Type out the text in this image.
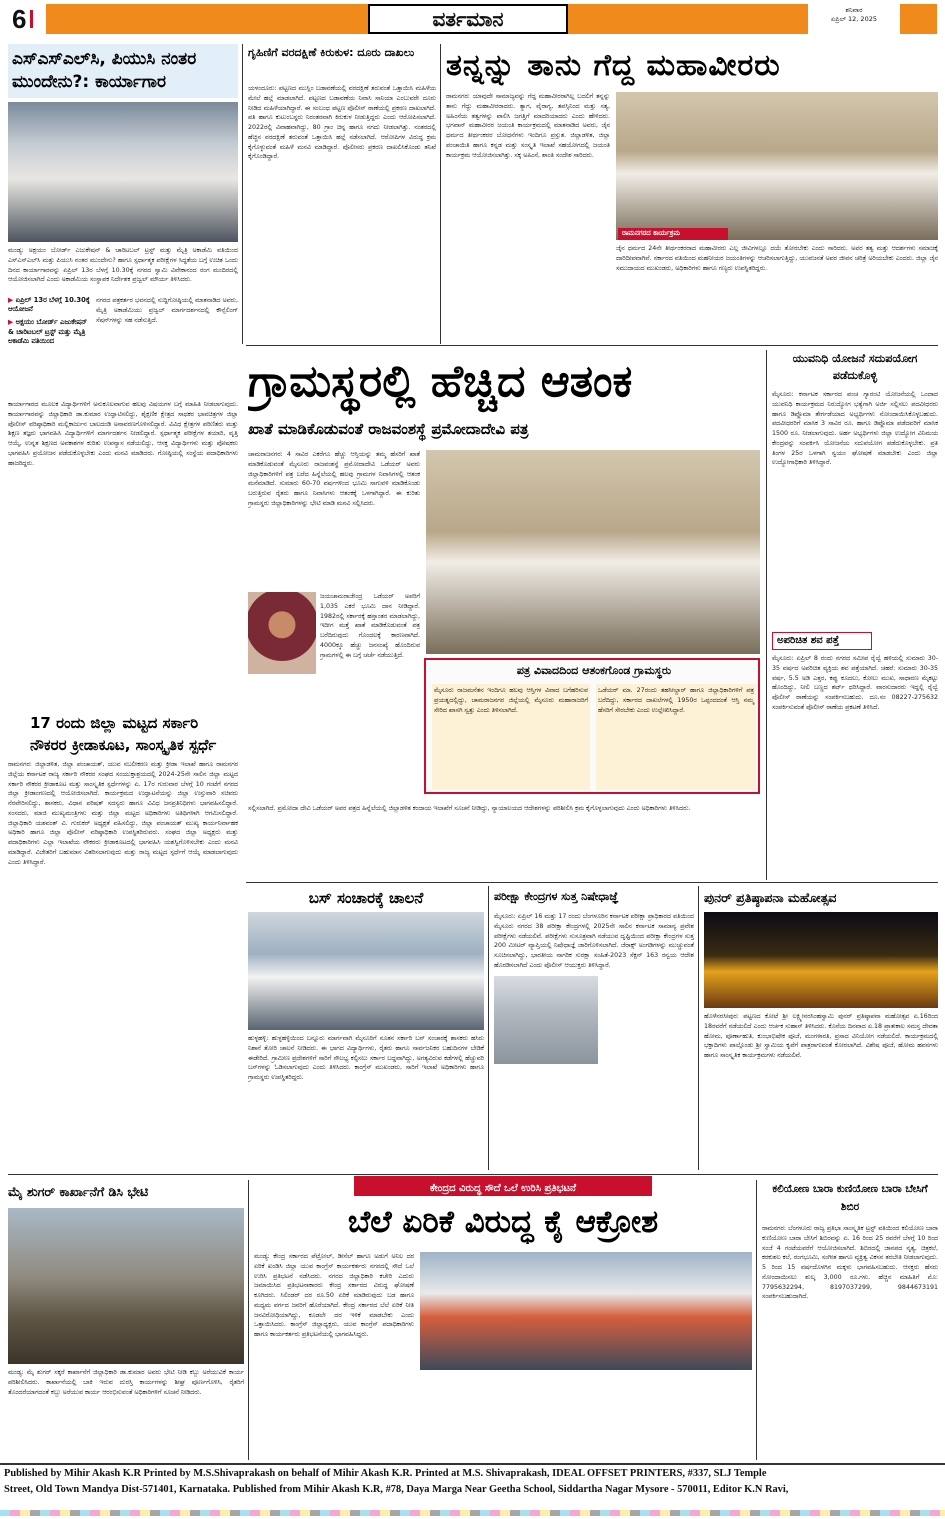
6	ವರ್ತಮಾನ	ಶನಿವಾರ
ಏಪ್ರಿಲ್ 12, 2025
ಎಸ್‌ಎಸ್‌ಎಲ್‌ಸಿ, ಪಿಯುಸಿ ನಂತರ ಮುಂದೇನು?: ಕಾರ್ಯಾಗಾರ
ಮಂಡ್ಯ: ಅಕ್ಷಯಂ ಬೋರ್ಡ್ ಎಜುಕೇಷನ್ & ಚಾರಿಟಬಲ್ ಟ್ರಸ್ಟ್ ಮತ್ತು ಮೈತ್ರಿ ಅಕಾಡೆಮಿ ವತಿಯಿಂದ ಎಸ್‌ಎಸ್‌ಎಲ್‌ಸಿ ಮತ್ತು ಪಿಯುಸಿ ನಂತರ ಮುಂದೇನು? ಹಾಗೂ ಸ್ಪರ್ಧಾತ್ಮಕ ಪರೀಕ್ಷೆಗಳ ಸಿದ್ಧತೆಯ ಬಗ್ಗೆ ಉಚಿತ ಒಂದು ದಿನದ ಕಾರ್ಯಾಗಾರವನ್ನು ಏಪ್ರಿಲ್ 13ರ ಬೆಳಗ್ಗೆ 10.30ಕ್ಕೆ ನಗರದ ಸ್ವಾಮಿ ವಿವೇಕಾನಂದ ರಂಗ ಮಂದಿರದಲ್ಲಿ ಆಯೋಜಿಸಲಾಗಿದೆ ಎಂದು ಅಕಾಡೆಮಿಯ ಸಂಸ್ಥಾಪಕ ನಿರ್ದೇಶಕ ಪ್ರಜ್ವಲ್ ಮೌರ್ಯ ತಿಳಿಸಿದರು.
▶ ಏಪ್ರಿಲ್ 13ರ ಬೆಳಗ್ಗೆ 10.30ಕ್ಕೆ ಆಯೋಜನೆ
▶ ಅಕ್ಷಯಂ ಬೋರ್ಡ್ ಎಜುಕೇಷನ್ & ಚಾರಿಟಬಲ್ ಟ್ರಸ್ಟ್ ಮತ್ತು ಮೈತ್ರಿ ಅಕಾಡೆಮಿ ವತಿಯಿಂದ
ನಗರದ ಪತ್ರಕರ್ತರ ಭವನದಲ್ಲಿ ಸುದ್ದಿಗೋಷ್ಠಿಯಲ್ಲಿ ಮಾತನಾಡಿದ ಅವರು, ಮೈತ್ರಿ ಅಕಾಡೆಮಿಯು ಪ್ರಜ್ವಲ್ ಮಾರ್ಗದರ್ಶನದಲ್ಲಿ ಕೌನ್ಸೆಲಿಂಗ್ ಸೆಷನ್‌ಗಳನ್ನು ಸಹ ನಡೆಸುತ್ತಿದೆ.
ಕಾರ್ಯಾಗಾರದ ಮೂಲಕ ವಿದ್ಯಾರ್ಥಿಗಳಿಗೆ ಅನುಕೂಲವಾಗುವ ಹಲವು ವಿಷಯಗಳ ಬಗ್ಗೆ ಮಾಹಿತಿ ನೀಡಲಾಗುವುದು. ಕಾರ್ಯಾಗಾರವನ್ನು ಜಿಲ್ಲಾಧಿಕಾರಿ ಡಾ.ಕುಮಾರ ಉದ್ಘಾಟಿಸಲಿದ್ದು, ಶೈಕ್ಷಣಿಕ ಕ್ಷೇತ್ರದ ಸಾಧಕರ ಭಾವಚಿತ್ರಗಳ ಜಿಲ್ಲಾ ಪೊಲೀಸ್ ವರಿಷ್ಠಾಧಿಕಾರಿ ಮಲ್ಲಿಕಾರ್ಜುನ ಬಾಲದಂಡಿ ಅನಾವರಣಗೊಳಿಸಲಿದ್ದಾರೆ. ವಿವಿಧ ಕ್ಷೇತ್ರಗಳ ಪರಿಣಿತರು ಮತ್ತು ಶಿಕ್ಷಣ ತಜ್ಞರು ಭಾಗವಹಿಸಿ ವಿದ್ಯಾರ್ಥಿಗಳಿಗೆ ಮಾರ್ಗದರ್ಶನ ನೀಡಲಿದ್ದಾರೆ. ಸ್ಪರ್ಧಾತ್ಮಕ ಪರೀಕ್ಷೆಗಳ ತಯಾರಿ, ವೃತ್ತಿ ಆಯ್ಕೆ, ಉನ್ನತ ಶಿಕ್ಷಣದ ಅವಕಾಶಗಳ ಕುರಿತು ಉಪನ್ಯಾಸ ನಡೆಯಲಿದ್ದು, ಆಸಕ್ತ ವಿದ್ಯಾರ್ಥಿಗಳು ಮತ್ತು ಪೋಷಕರು ಭಾಗವಹಿಸಿ ಪ್ರಯೋಜನ ಪಡೆದುಕೊಳ್ಳಬೇಕು ಎಂದು ಮನವಿ ಮಾಡಿದರು. ಗೋಷ್ಠಿಯಲ್ಲಿ ಸಂಸ್ಥೆಯ ಪದಾಧಿಕಾರಿಗಳು ಹಾಜರಿದ್ದರು.
17 ರಂದು ಜಿಲ್ಲಾ ಮಟ್ಟದ ಸರ್ಕಾರಿ ನೌಕರರ ಕ್ರೀಡಾಕೂಟ, ಸಾಂಸ್ಕೃತಿಕ ಸ್ಪರ್ಧೆ
ರಾಮನಗರ: ಜಿಲ್ಲಾಡಳಿತ, ಜಿಲ್ಲಾ ಪಂಚಾಯತ್, ಯುವ ಸಬಲೀಕರಣ ಮತ್ತು ಕ್ರೀಡಾ ಇಲಾಖೆ ಹಾಗೂ ರಾಮನಗರ ಜಿಲ್ಲೆಯ ಕರ್ನಾಟಕ ರಾಜ್ಯ ಸರ್ಕಾರಿ ನೌಕರರ ಸಂಘದ ಸಂಯುಕ್ತಾಶ್ರಯದಲ್ಲಿ 2024-25ನೇ ಸಾಲಿನ ಜಿಲ್ಲಾ ಮಟ್ಟದ ಸರ್ಕಾರಿ ನೌಕರರ ಕ್ರೀಡಾಕೂಟ ಮತ್ತು ಸಾಂಸ್ಕೃತಿಕ ಸ್ಪರ್ಧೆಗಳನ್ನು ಏ. 17ರ ಗುರುವಾರ ಬೆಳಗ್ಗೆ 10 ಗಂಟೆಗೆ ನಗರದ ಜಿಲ್ಲಾ ಕ್ರೀಡಾಂಗಣದಲ್ಲಿ ಆಯೋಜಿಸಲಾಗಿದೆ. ಕಾರ್ಯಕ್ರಮದ ಉದ್ಘಾಟನೆಯನ್ನು ಜಿಲ್ಲಾ ಉಸ್ತುವಾರಿ ಸಚಿವರು ನೆರವೇರಿಸಲಿದ್ದು, ಶಾಸಕರು, ವಿಧಾನ ಪರಿಷತ್ ಸದಸ್ಯರು ಹಾಗೂ ವಿವಿಧ ಜನಪ್ರತಿನಿಧಿಗಳು ಭಾಗವಹಿಸಲಿದ್ದಾರೆ. ಸಂಸದರು, ಮಾಜಿ ಮುಖ್ಯಮಂತ್ರಿಗಳು ಮತ್ತು ಜಿಲ್ಲಾ ಮಟ್ಟದ ಅಧಿಕಾರಿಗಳು ಅತಿಥಿಗಳಾಗಿ ಆಗಮಿಸಲಿದ್ದಾರೆ. ಜಿಲ್ಲಾಧಿಕಾರಿ ಯಶವಂತ್ ವಿ. ಗುರುಕರ್ ಅಧ್ಯಕ್ಷತೆ ವಹಿಸಲಿದ್ದು, ಜಿಲ್ಲಾ ಪಂಚಾಯತ್ ಮುಖ್ಯ ಕಾರ್ಯನಿರ್ವಾಹಕ ಅಧಿಕಾರಿ ಹಾಗೂ ಜಿಲ್ಲಾ ಪೊಲೀಸ್ ವರಿಷ್ಠಾಧಿಕಾರಿ ಉಪಸ್ಥಿತರಿರುವರು. ಸಂಘದ ಜಿಲ್ಲಾ ಅಧ್ಯಕ್ಷರು ಮತ್ತು ಪದಾಧಿಕಾರಿಗಳು ಎಲ್ಲಾ ಇಲಾಖೆಯ ನೌಕರರು ಕ್ರೀಡಾಕೂಟದಲ್ಲಿ ಭಾಗವಹಿಸಿ ಯಶಸ್ವಿಗೊಳಿಸಬೇಕು ಎಂದು ಮನವಿ ಮಾಡಿದ್ದಾರೆ. ವಿಜೇತರಿಗೆ ಬಹುಮಾನ ವಿತರಿಸಲಾಗುವುದು ಮತ್ತು ರಾಜ್ಯ ಮಟ್ಟದ ಸ್ಪರ್ಧೆಗೆ ಆಯ್ಕೆ ಮಾಡಲಾಗುವುದು ಎಂದು ತಿಳಿಸಿದ್ದಾರೆ.
ಗೃಹಿಣಿಗೆ ವರದಕ್ಷಿಣೆ ಕಿರುಕುಳ: ದೂರು ದಾಖಲು
ಯಳಂದೂರು: ಪಟ್ಟಣದ ಮುಸ್ಲಿಂ ಬಡಾವಣೆಯಲ್ಲಿ ವರದಕ್ಷಿಣೆ ತರುವಂತೆ ಒತ್ತಾಯಿಸಿ ಮಹಿಳೆಯ ಮೇಲೆ ಹಲ್ಲೆ ಮಾಡಲಾಗಿದೆ. ಪಟ್ಟಣದ ಬಡಾವಣೆಯ ನಿವಾಸಿ ಸಾನಿಯಾ ಎಂಬುವರೇ ದೂರು ನೀಡಿದ ಮಹಿಳೆಯಾಗಿದ್ದಾರೆ. ಈ ಸಂಬಂಧ ಪಟ್ಟಣ ಪೊಲೀಸ್ ಠಾಣೆಯಲ್ಲಿ ಪ್ರಕರಣ ದಾಖಲಾಗಿದೆ. ಪತಿ ಹಾಗೂ ಕುಟುಂಬಸ್ಥರು ನಿರಂತರವಾಗಿ ಕಿರುಕುಳ ನೀಡುತ್ತಿದ್ದರು ಎಂದು ಆರೋಪಿಸಲಾಗಿದೆ. 2022ರಲ್ಲಿ ವಿವಾಹವಾಗಿದ್ದು, 80 ಗ್ರಾಂ ಚಿನ್ನ ಹಾಗೂ ನಗದು ನೀಡಲಾಗಿತ್ತು. ನಂತರದಲ್ಲಿ ಹೆಚ್ಚಿನ ವರದಕ್ಷಿಣೆ ತರುವಂತೆ ಒತ್ತಾಯಿಸಿ ಹಲ್ಲೆ ನಡೆಸಲಾಗಿದೆ. ಆರೋಪಿಗಳ ವಿರುದ್ಧ ಕ್ರಮ ಕೈಗೊಳ್ಳುವಂತೆ ಮಹಿಳೆ ಮನವಿ ಮಾಡಿದ್ದಾರೆ. ಪೊಲೀಸರು ಪ್ರಕರಣ ದಾಖಲಿಸಿಕೊಂಡು ತನಿಖೆ ಕೈಗೊಂಡಿದ್ದಾರೆ.
ತನ್ನನ್ನು ತಾನು ಗೆದ್ದ ಮಹಾವೀರರು
ರಾಮನಗರ: ಯಾವುದೇ ಸಾಮಾಜ್ಯವನ್ನು ಗೆದ್ದ ಮಹಾವೀರರಾಗಿಲ್ಲ ಬದಲಿಗೆ ತನ್ನನ್ನು ತಾನು ಗೆದ್ದು ಮಹಾವೀರರಾದರು. ತ್ಯಾಗ, ವೈರಾಗ್ಯ, ತಪಸ್ಸಿನಿಂದ ಮತ್ತು ಸತ್ಯ, ಅಹಿಂಸೆಯ ತತ್ವಗಳನ್ನು ಪಾಲಿಸಿ ಜಗತ್ತಿಗೆ ಮಾದರಿಯಾದರು ಎಂದು ಹೇಳಿದರು. ಭಗವಾನ್ ಮಹಾವೀರರ ಜಯಂತಿ ಕಾರ್ಯಕ್ರಮದಲ್ಲಿ ಮಾತನಾಡಿದ ಅವರು, ಜೈನ ಧರ್ಮದ ತೀರ್ಥಂಕರರ ಬೋಧನೆಗಳು ಇಂದಿಗೂ ಪ್ರಸ್ತುತ. ಜಿಲ್ಲಾಡಳಿತ, ಜಿಲ್ಲಾ ಪಂಚಾಯಿತಿ ಹಾಗೂ ಕನ್ನಡ ಮತ್ತು ಸಂಸ್ಕೃತಿ ಇಲಾಖೆ ಸಹಯೋಗದಲ್ಲಿ ಜಯಂತಿ ಕಾರ್ಯಕ್ರಮ ಆಯೋಜಿಸಲಾಗಿತ್ತು. ಸಕ್ಕ ಅಹಿಂಸೆ, ಶಾಂತಿ ಸಂದೇಶ ಸಾರಿದರು.
ರಾಮನಗರದ ಕಾರ್ಯಕ್ರಮ
ಜೈನ ಧರ್ಮದ 24ನೇ ತೀರ್ಥಂಕರರಾದ ಮಹಾವೀರರು ಎಲ್ಲ ಜೀವಿಗಳಲ್ಲೂ ದಯೆ ತೋರಬೇಕು ಎಂದು ಸಾರಿದರು. ಅವರ ತತ್ವ ಮತ್ತು ಆದರ್ಶಗಳು ಸಮಾಜಕ್ಕೆ ದಾರಿದೀಪವಾಗಿವೆ. ಸರ್ಕಾರದ ವತಿಯಿಂದ ಮಹನೀಯರ ಜಯಂತಿಗಳನ್ನು ಆಚರಿಸಲಾಗುತ್ತಿದ್ದು, ಯುವಜನತೆ ಅವರ ಜೀವನ ಚರಿತ್ರೆ ಅರಿಯಬೇಕು ಎಂದರು. ಜಿಲ್ಲಾ ಜೈನ ಸಮುದಾಯದ ಮುಖಂಡರು, ಅಧಿಕಾರಿಗಳು ಹಾಗೂ ಗಣ್ಯರು ಉಪಸ್ಥಿತರಿದ್ದರು.
ಗ್ರಾಮಸ್ಥರಲ್ಲಿ ಹೆಚ್ಚಿದ ಆತಂಕ
ಖಾತೆ ಮಾಡಿಕೊಡುವಂತೆ ರಾಜವಂಶಸ್ಥೆ ಪ್ರಮೋದಾದೇವಿ ಪತ್ರ
ಚಾಮರಾಜನಗರ: 4 ಸಾವಿರ ಎಕರೆಗೂ ಹೆಚ್ಚು ಆಸ್ತಿಯನ್ನು ತಮ್ಮ ಹೆಸರಿಗೆ ಖಾತೆ ಮಾಡಿಕೊಡುವಂತೆ ಮೈಸೂರು ರಾಜವಂಶಸ್ಥೆ ಪ್ರಮೋದಾದೇವಿ ಒಡೆಯರ್ ಅವರು ಜಿಲ್ಲಾಧಿಕಾರಿಗಳಿಗೆ ಪತ್ರ ಬರೆದ ಹಿನ್ನೆಲೆಯಲ್ಲಿ ಹಲವು ಗ್ರಾಮಗಳ ನಿವಾಸಿಗಳಲ್ಲಿ ಆತಂಕ ಮನೆಮಾಡಿದೆ. ಸುಮಾರು 60-70 ವರ್ಷಗಳಿಂದ ಭೂಮಿ ಸಾಗುವಳಿ ಮಾಡಿಕೊಂಡು ಬರುತ್ತಿರುವ ರೈತರು ಹಾಗೂ ನಿವಾಸಿಗಳು ಆತಂಕಕ್ಕೆ ಒಳಗಾಗಿದ್ದಾರೆ. ಈ ಕುರಿತು ಗ್ರಾಮಸ್ಥರು ಜಿಲ್ಲಾಧಿಕಾರಿಗಳನ್ನು ಭೇಟಿ ಮಾಡಿ ಮನವಿ ಸಲ್ಲಿಸಿದರು.
ಜಯಚಾಮರಾಜೇಂದ್ರ ಒಡೆಯರ್ ಅವರಿಗೆ 1,035 ಎಕರೆ ಭೂಮಿ ದಾನ ನೀಡಿದ್ದಾರೆ. 1982ರಲ್ಲಿ ಸರ್ಕಾರಕ್ಕೆ ಹಸ್ತಾಂತರ ಮಾಡಲಾಗಿದ್ದು, ಇದೀಗ ಮತ್ತೆ ಖಾತೆ ಮಾಡಿಕೊಡುವಂತೆ ಪತ್ರ ಬರೆದಿರುವುದು ಗೊಂದಲಕ್ಕೆ ಕಾರಣವಾಗಿದೆ. 4000ಕ್ಕೂ ಹೆಚ್ಚು ಜನಸಂಖ್ಯೆ ಹೊಂದಿರುವ ಗ್ರಾಮಗಳಲ್ಲಿ ಈ ಬಗ್ಗೆ ಚರ್ಚೆ ನಡೆಯುತ್ತಿದೆ.
ಪತ್ರ ವಿವಾದದಿಂದ ಆತಂಕಗೊಂಡ ಗ್ರಾಮಸ್ಥರು
ಮೈಸೂರು ರಾಜಮನೆತನ ಇಂದಿಗೂ ಹಲವು ಆಸ್ತಿಗಳ ವಿವಾದ ಬಗೆಹರಿಸುವ ಪ್ರಯತ್ನದಲ್ಲಿದ್ದು, ಚಾಮರಾಜನಗರ ಜಿಲ್ಲೆಯಲ್ಲಿ ಮೈಸೂರು ಮಹಾರಾಜರಿಗೆ ಸೇರಿದ ಖಾಸಗಿ ಸ್ವತ್ತು ಎಂದು ತಿಳಿಸಲಾಗಿದೆ.
ಒಡೆಯರ್ ಮಾ. 27ರಂದು ತಹಸೀಲ್ದಾರ್ ಹಾಗೂ ಜಿಲ್ಲಾಧಿಕಾರಿಗಳಿಗೆ ಪತ್ರ ಬರೆದಿದ್ದು, ಸರ್ಕಾರದ ದಾಖಲೆಗಳಲ್ಲಿ 1950ರ ಒಪ್ಪಂದದಂತೆ ಆಸ್ತಿ ನಮ್ಮ ಹೆಸರಿಗೆ ಸೇರಬೇಕು ಎಂದು ಉಲ್ಲೇಖಿಸಿದ್ದಾರೆ.
ಸಲ್ಲಿಸಲಾಗಿದೆ. ಪ್ರಮೋದಾ ದೇವಿ ಒಡೆಯರ್ ಅವರ ಪತ್ರದ ಹಿನ್ನೆಲೆಯಲ್ಲಿ ಜಿಲ್ಲಾಡಳಿತ ಕಂದಾಯ ಇಲಾಖೆಗೆ ಸೂಚನೆ ನೀಡಿದ್ದು, ನ್ಯಾಯಾಲಯದ ಆದೇಶಗಳನ್ನು ಪರಿಶೀಲಿಸಿ ಕ್ರಮ ಕೈಗೊಳ್ಳಲಾಗುವುದು ಎಂದು ಅಧಿಕಾರಿಗಳು ತಿಳಿಸಿದರು.
ಯುವನಿಧಿ ಯೋಜನೆ ಸದುಪಯೋಗ ಪಡೆದುಕೊಳ್ಳಿ
ಮೈಸೂರು: ಕರ್ನಾಟಕ ಸರ್ಕಾರದ ಪಂಚ ಗ್ಯಾರಂಟಿ ಯೋಜನೆಯಲ್ಲಿ ಒಂದಾದ ಯುವನಿಧಿ ಕಾರ್ಯಕ್ರಮದ ನಿರುದ್ಯೋಗ ಭತ್ಯೆಗಾಗಿ ಅರ್ಜಿ ಸಲ್ಲಿಸಲು ಪದವೀಧರರು ಹಾಗೂ ಡಿಪ್ಲೊಮಾ ತೇರ್ಗಡೆಯಾದ ಅಭ್ಯರ್ಥಿಗಳು ನೋಂದಾಯಿಸಿಕೊಳ್ಳಬಹುದು. ಪದವೀಧರರಿಗೆ ಮಾಸಿಕ 3 ಸಾವಿರ ರೂ. ಹಾಗೂ ಡಿಪ್ಲೊಮಾ ಪಡೆದವರಿಗೆ ಮಾಸಿಕ 1500 ರೂ. ನೀಡಲಾಗುವುದು. ಅರ್ಹ ಅಭ್ಯರ್ಥಿಗಳು ಜಿಲ್ಲಾ ಉದ್ಯೋಗ ವಿನಿಮಯ ಕೇಂದ್ರವನ್ನು ಸಂಪರ್ಕಿಸಿ ಯೋಜನೆಯ ಸದುಪಯೋಗ ಪಡೆದುಕೊಳ್ಳಬೇಕು. ಪ್ರತಿ ತಿಂಗಳ 25ರ ಒಳಗಾಗಿ ಸ್ವಯಂ ಘೋಷಣೆ ಮಾಡಬೇಕು ಎಂದು ಜಿಲ್ಲಾ ಉದ್ಯೋಗಾಧಿಕಾರಿ ತಿಳಿಸಿದ್ದಾರೆ.
ಅಪರಿಚಿತ ಶವ ಪತ್ತೆ
ಮೈಸೂರು: ಏಪ್ರಿಲ್ 8 ರಂದು ನಗರದ ಸಮೀಪ ರೈಲ್ವೆ ಹಳಿಯಲ್ಲಿ ಸುಮಾರು 30-35 ವರ್ಷದ ಅಪರಿಚಿತ ವ್ಯಕ್ತಿಯ ಶವ ಪತ್ತೆಯಾಗಿದೆ. ಚಹರೆ: ಸುಮಾರು 30-35 ವರ್ಷ, 5.5 ಅಡಿ ಎತ್ತರ, ಕಪ್ಪು ಕೂದಲು, ಕೋಲು ಮುಖ, ಸಾಧಾರಣ ಮೈಕಟ್ಟು ಹೊಂದಿದ್ದು, ನೀಲಿ ಬಣ್ಣದ ಶರ್ಟ್ ಧರಿಸಿದ್ದಾರೆ. ವಾರಸುದಾರರು ಇದ್ದಲ್ಲಿ ರೈಲ್ವೆ ಪೊಲೀಸ್ ಠಾಣೆಯನ್ನು ಸಂಪರ್ಕಿಸಬಹುದು. ದೂ.ಸಂ 08227-275632 ಸಂಪರ್ಕಿಸುವಂತೆ ಪೊಲೀಸ್ ಠಾಣೆಯ ಪ್ರಕಟಣೆ ತಿಳಿಸಿದೆ.
ಬಸ್ ಸಂಚಾರಕ್ಕೆ ಚಾಲನೆ
ಹುಳ್ಳಹಳ್ಳಿ: ಹುಳ್ಳಹಳ್ಳಿಯಿಂದ ಬನ್ನೂರು ಮಾರ್ಗವಾಗಿ ಮೈಸೂರಿಗೆ ನೂತನ ಸರ್ಕಾರಿ ಬಸ್ ಸಂಚಾರಕ್ಕೆ ಶಾಸಕರು ಹಸಿರು ನಿಶಾನೆ ತೋರಿ ಚಾಲನೆ ನೀಡಿದರು. ಈ ಭಾಗದ ವಿದ್ಯಾರ್ಥಿಗಳು, ರೈತರು ಹಾಗೂ ಸಾರ್ವಜನಿಕರ ಬಹುದಿನಗಳ ಬೇಡಿಕೆ ಈಡೇರಿದೆ. ಗ್ರಾಮೀಣ ಪ್ರದೇಶಗಳಿಗೆ ಸಾರಿಗೆ ಸೌಲಭ್ಯ ಕಲ್ಪಿಸಲು ಸರ್ಕಾರ ಬದ್ಧವಾಗಿದ್ದು, ಅಗತ್ಯವಿರುವ ಕಡೆಗಳಲ್ಲಿ ಹೆಚ್ಚುವರಿ ಬಸ್‌ಗಳನ್ನು ಓಡಿಸಲಾಗುವುದು ಎಂದು ತಿಳಿಸಿದರು. ಕಾಂಗ್ರೆಸ್ ಮುಖಂಡರು, ಸಾರಿಗೆ ಇಲಾಖೆ ಅಧಿಕಾರಿಗಳು ಹಾಗೂ ಗ್ರಾಮಸ್ಥರು ಉಪಸ್ಥಿತರಿದ್ದರು.
ಪರೀಕ್ಷಾ ಕೇಂದ್ರಗಳ ಸುತ್ತ ನಿಷೇಧಾಜ್ಞೆ
ಮೈಸೂರು: ಏಪ್ರಿಲ್ 16 ಮತ್ತು 17 ರಂದು ಬೆಂಗಳೂರಿನ ಕರ್ನಾಟಕ ಪರೀಕ್ಷಾ ಪ್ರಾಧಿಕಾರದ ವತಿಯಿಂದ ಮೈಸೂರು ನಗರದ 38 ಪರೀಕ್ಷಾ ಕೇಂದ್ರಗಳಲ್ಲಿ 2025ನೇ ಸಾಲಿನ ಕರ್ನಾಟಕ ಸಾಮಾನ್ಯ ಪ್ರವೇಶ ಪರೀಕ್ಷೆಗಳು ನಡೆಯಲಿವೆ. ಪರೀಕ್ಷೆಗಳು ಸುಸೂತ್ರವಾಗಿ ನಡೆಯುವ ದೃಷ್ಟಿಯಿಂದ ಪರೀಕ್ಷಾ ಕೇಂದ್ರಗಳ ಸುತ್ತ 200 ಮೀಟರ್ ವ್ಯಾಪ್ತಿಯಲ್ಲಿ ನಿಷೇಧಾಜ್ಞೆ ಜಾರಿಗೊಳಿಸಲಾಗಿದೆ. ಜೆರಾಕ್ಸ್ ಅಂಗಡಿಗಳನ್ನು ಮುಚ್ಚುವಂತೆ ಸೂಚಿಸಲಾಗಿದ್ದು, ಭಾರತೀಯ ನಾಗರಿಕ ಸುರಕ್ಷಾ ಸಂಹಿತೆ-2023 ಸೆಕ್ಷನ್ 163 ರನ್ವಯ ಆದೇಶ ಹೊರಡಿಸಲಾಗಿದೆ ಎಂದು ಪೊಲೀಸ್ ಆಯುಕ್ತರು ತಿಳಿಸಿದ್ದಾರೆ.
ಪುನರ್ ಪ್ರತಿಷ್ಠಾಪನಾ ಮಹೋತ್ಸವ
ಹೊಳೆನರಸೀಪುರ: ಪಟ್ಟಣದ ಕೋಟೆ ಶ್ರೀ ಲಕ್ಷ್ಮೀನರಸಿಂಹಸ್ವಾಮಿ ಪುನರ್ ಪ್ರತಿಷ್ಠಾಪನಾ ಮಹೋತ್ಸವ ಏ.16ರಿಂದ 18ರವರೆಗೆ ನಡೆಯಲಿದೆ ಎಂದು ಆರ್ಚಕ ಸುಹಾಸ್ ತಿಳಿಸಿದರು. ಕೊನೆಯ ದಿನವಾದ ಏ.18 ಪ್ರಾತಃಕಾಲ ಸಮಸ್ತ ದೇವತಾ ಹೋಮ, ಪೂರ್ಣಾಹುತಿ, ಕುಂಭಾಭಿಷೇಕ ಪೂಜೆ, ಮಂಗಳಾರತಿ, ಪ್ರಸಾದ ವಿನಿಯೋಗ ನಡೆಯಲಿದೆ. ಕಾರ್ಯಕ್ರಮದಲ್ಲಿ ಭಕ್ತಾದಿಗಳು ಪಾಲ್ಗೊಂಡು ಶ್ರೀ ಸ್ವಾಮಿಯ ಕೃಪೆಗೆ ಪಾತ್ರರಾಗುವಂತೆ ಕೋರಲಾಗಿದೆ. ವಿಶೇಷ ಪೂಜೆ, ಹೋಮ ಹವನಗಳು ಹಾಗೂ ಸಾಂಸ್ಕೃತಿಕ ಕಾರ್ಯಕ್ರಮಗಳು ನಡೆಯಲಿವೆ.
ಮೈ ಶುಗರ್ ಕಾರ್ಖಾನೆಗೆ ಡಿಸಿ ಭೇಟಿ
ಮಂಡ್ಯ: ಮೈ ಶುಗರ್ ಸಕ್ಕರೆ ಕಾರ್ಖಾನೆಗೆ ಜಿಲ್ಲಾಧಿಕಾರಿ ಡಾ.ಕುಮಾರ ಅವರು ಭೇಟಿ ನೀಡಿ ಕಬ್ಬು ಅರೆಯುವಿಕೆ ಕಾರ್ಯ ಪರಿಶೀಲಿಸಿದರು. ಕಾರ್ಖಾನೆಯಲ್ಲಿ ಬಾಕಿ ಇರುವ ದುರಸ್ತಿ ಕಾರ್ಯಗಳನ್ನು ಶೀಘ್ರ ಪೂರ್ಣಗೊಳಿಸಿ, ರೈತರಿಗೆ ತೊಂದರೆಯಾಗದಂತೆ ಕಬ್ಬು ಅರೆಯುವ ಕಾರ್ಯ ಆರಂಭಿಸುವಂತೆ ಅಧಿಕಾರಿಗಳಿಗೆ ಸೂಚನೆ ನೀಡಿದರು.
ಕೇಂದ್ರದ ವಿರುದ್ಧ ಸೌದೆ ಒಲೆ ಉರಿಸಿ ಪ್ರತಿಭಟನೆ
ಬೆಲೆ ಏರಿಕೆ ವಿರುದ್ಧ ಕೈ ಆಕ್ರೋಶ
ಮಂಡ್ಯ: ಕೇಂದ್ರ ಸರ್ಕಾರದ ಪೆಟ್ರೋಲ್, ಡೀಸೆಲ್ ಹಾಗೂ ಅಡುಗೆ ಅನಿಲ ದರ ಏರಿಕೆ ಖಂಡಿಸಿ ಜಿಲ್ಲಾ ಯುವ ಕಾಂಗ್ರೆಸ್ ಕಾರ್ಯಕರ್ತರು ನಗರದಲ್ಲಿ ಸೌದೆ ಒಲೆ ಉರಿಸಿ ಪ್ರತಿಭಟನೆ ನಡೆಸಿದರು. ನಗರದ ಜಿಲ್ಲಾಧಿಕಾರಿ ಕಚೇರಿ ಎದುರು ಜಮಾಯಿಸಿದ ಪ್ರತಿಭಟನಾಕಾರರು ಕೇಂದ್ರ ಸರ್ಕಾರದ ವಿರುದ್ಧ ಘೋಷಣೆ ಕೂಗಿದರು. ಸಿಲಿಂಡರ್ ದರ ರೂ.50 ಏರಿಕೆ ಮಾಡಿರುವುದು ಬಡ ಹಾಗೂ ಮಧ್ಯಮ ವರ್ಗದ ಜನರಿಗೆ ಹೊರೆಯಾಗಿದೆ. ಕೇಂದ್ರ ಸರ್ಕಾರದ ಬೆಲೆ ಏರಿಕೆ ನೀತಿ ಜನವಿರೋಧಿಯಾಗಿದ್ದು, ಕೂಡಲೇ ದರ ಇಳಿಕೆ ಮಾಡಬೇಕು ಎಂದು ಒತ್ತಾಯಿಸಿದರು. ಕಾಂಗ್ರೆಸ್ ಜಿಲ್ಲಾಧ್ಯಕ್ಷರು, ಯುವ ಕಾಂಗ್ರೆಸ್ ಪದಾಧಿಕಾರಿಗಳು ಹಾಗೂ ಕಾರ್ಯಕರ್ತರು ಪ್ರತಿಭಟನೆಯಲ್ಲಿ ಭಾಗವಹಿಸಿದ್ದರು.
ಕಲಿಯೋಣ ಬಾರಾ ಕುಣಿಯೋಣ ಬಾರಾ ಬೇಸಿಗೆ ಶಿಬಿರ
ರಾಮನಗರ: ಬೆಂಗಳೂರು ರಾಜ್ಯ ಪ್ರತಿಭಾ ಸಾಂಸ್ಕೃತಿಕ ಟ್ರಸ್ಟ್ ವತಿಯಿಂದ ಕಲಿಯೋಣ ಬಾರಾ ಕುಣಿಯೋಣ ಬಾರಾ ಬೇಸಿಗೆ ಶಿಬಿರವನ್ನು ಏ. 16 ರಿಂದ 25 ರವರೆಗೆ ಬೆಳಗ್ಗೆ 10 ರಿಂದ ಸಂಜೆ 4 ಗಂಟೆಯವರೆಗೆ ಆಯೋಜಿಸಲಾಗಿದೆ. ಶಿಬಿರದಲ್ಲಿ ಜಾನಪದ ನೃತ್ಯ, ಚಿತ್ರಕಲೆ, ಕರಕುಶಲ ಕಲೆ, ರಂಗಭೂಮಿ, ಸಂಗೀತ ಹಾಗೂ ವ್ಯಕ್ತಿತ್ವ ವಿಕಸನ ತರಬೇತಿ ನೀಡಲಾಗುವುದು. 5 ರಿಂದ 15 ವರ್ಷದೊಳಗಿನ ಮಕ್ಕಳು ಭಾಗವಹಿಸಬಹುದು. ಆಸಕ್ತರು ಹೆಸರು ನೋಂದಾಯಿಸಲು ಶುಲ್ಕ 3,000 ರೂ.ಗಳು. ಹೆಚ್ಚಿನ ಮಾಹಿತಿಗೆ ಮೊ: 7795632294, 8197037299, 9844673191 ಸಂಪರ್ಕಿಸಬಹುದಾಗಿದೆ.
Published by Mihir Akash K.R Printed by M.S.Shivaprakash on behalf of Mihir Akash K.R. Printed at M.S. Shivaprakash, IDEAL OFFSET PRINTERS, #337, SLJ Temple
Street, Old Town Mandya Dist-571401, Karnataka. Published from Mihir Akash K.R, #78, Daya Marga Near Geetha School, Siddartha Nagar Mysore - 570011, Editor K.N Ravi,
